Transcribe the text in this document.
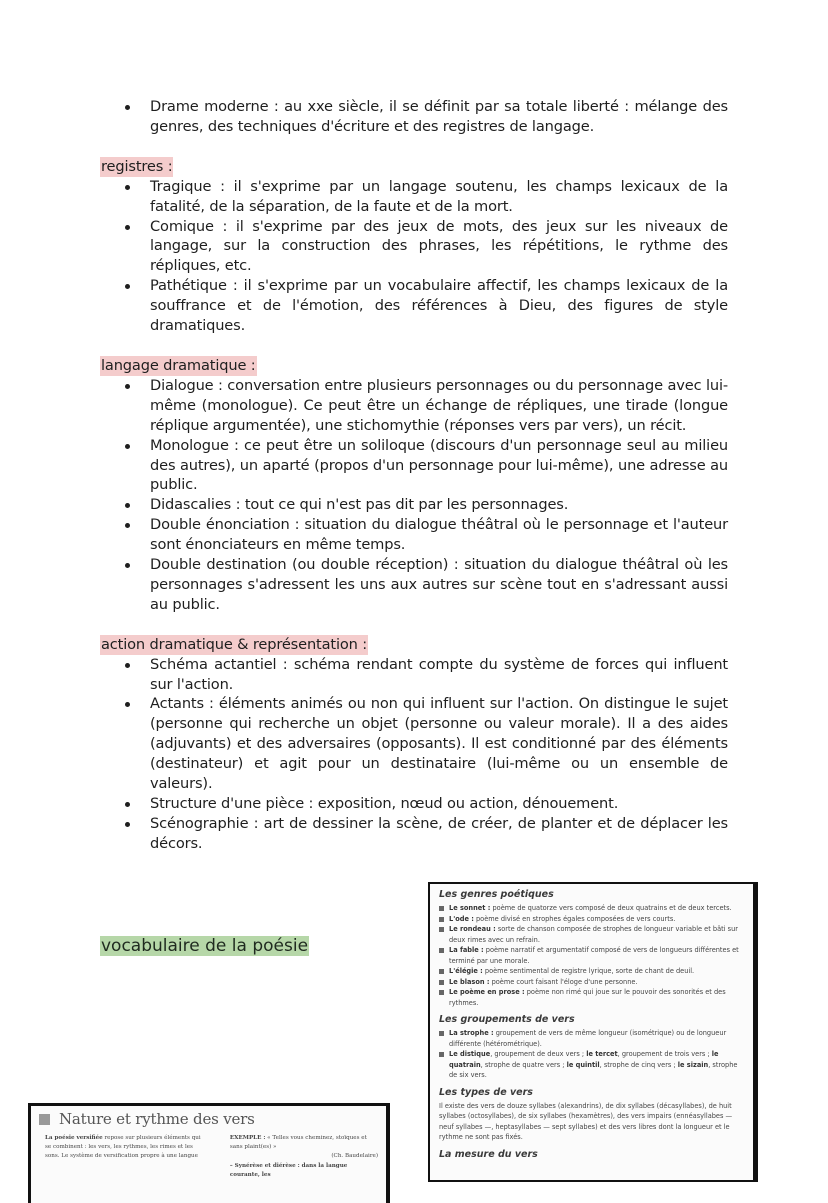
Drame moderne : au xxe siècle, il se définit par sa totale liberté : mélange des genres, des techniques d'écriture et des registres de langage.
registres :
Tragique : il s'exprime par un langage soutenu, les champs lexicaux de la fatalité, de la séparation, de la faute et de la mort.
Comique : il s'exprime par des jeux de mots, des jeux sur les niveaux de langage, sur la construction des phrases, les répétitions, le rythme des répliques, etc.
Pathétique : il s'exprime par un vocabulaire affectif, les champs lexicaux de la souffrance et de l'émotion, des références à Dieu, des figures de style dramatiques.
langage dramatique :
Dialogue : conversation entre plusieurs personnages ou du personnage avec lui-même (monologue). Ce peut être un échange de répliques, une tirade (longue réplique argumentée), une stichomythie (réponses vers par vers), un récit.
Monologue : ce peut être un soliloque (discours d'un personnage seul au milieu des autres), un aparté (propos d'un personnage pour lui-même), une adresse au public.
Didascalies : tout ce qui n'est pas dit par les personnages.
Double énonciation : situation du dialogue théâtral où le personnage et l'auteur sont énonciateurs en même temps.
Double destination (ou double réception) : situation du dialogue théâtral où les personnages s'adressent les uns aux autres sur scène tout en s'adressant aussi au public.
action dramatique & représentation :
Schéma actantiel : schéma rendant compte du système de forces qui influent sur l'action.
Actants : éléments animés ou non qui influent sur l'action. On distingue le sujet (personne qui recherche un objet (personne ou valeur morale). Il a des aides (adjuvants) et des adversaires (opposants). Il est conditionné par des éléments (destinateur) et agit pour un destinataire (lui-même ou un ensemble de valeurs).
Structure d'une pièce : exposition, nœud ou action, dénouement.
Scénographie : art de dessiner la scène, de créer, de planter et de déplacer les décors.
vocabulaire de la poésie
Les genres poétiques
Le sonnet : poème de quatorze vers composé de deux quatrains et de deux tercets.
L'ode : poème divisé en strophes égales composées de vers courts.
Le rondeau : sorte de chanson composée de strophes de longueur variable et bâti sur deux rimes avec un refrain.
La fable : poème narratif et argumentatif composé de vers de longueurs différentes et terminé par une morale.
L'élégie : poème sentimental de registre lyrique, sorte de chant de deuil.
Le blason : poème court faisant l'éloge d'une personne.
Le poème en prose : poème non rimé qui joue sur le pouvoir des sonorités et des rythmes.
Les groupements de vers
La strophe : groupement de vers de même longueur (isométrique) ou de longueur différente (hétérométrique).
Le distique, groupement de deux vers ; le tercet, groupement de trois vers ; le quatrain, strophe de quatre vers ; le quintil, strophe de cinq vers ; le sizain, strophe de six vers.
Les types de vers

Il existe des vers de douze syllabes (alexandrins), de dix syllabes (décasyllabes), de huit syllabes (octosyllabes), de six syllabes (hexamètres), des vers impairs (ennéasyllabes — neuf syllabes —, heptasyllabes — sept syllabes) et des vers libres dont la longueur et le rythme ne sont pas fixés.

La mesure du vers
Nature et rythme des vers
La poésie versifiée repose sur plusieurs éléments qui se combinent : les vers, les rythmes, les rimes et les sons. Le système de versification propre à une langue
EXEMPLE : « Tellеs vous cheminez, stoïques et sans plaint(es) »
(Ch. Baudelaire)
– Synérèse et diérèse : dans la langue courante, les
